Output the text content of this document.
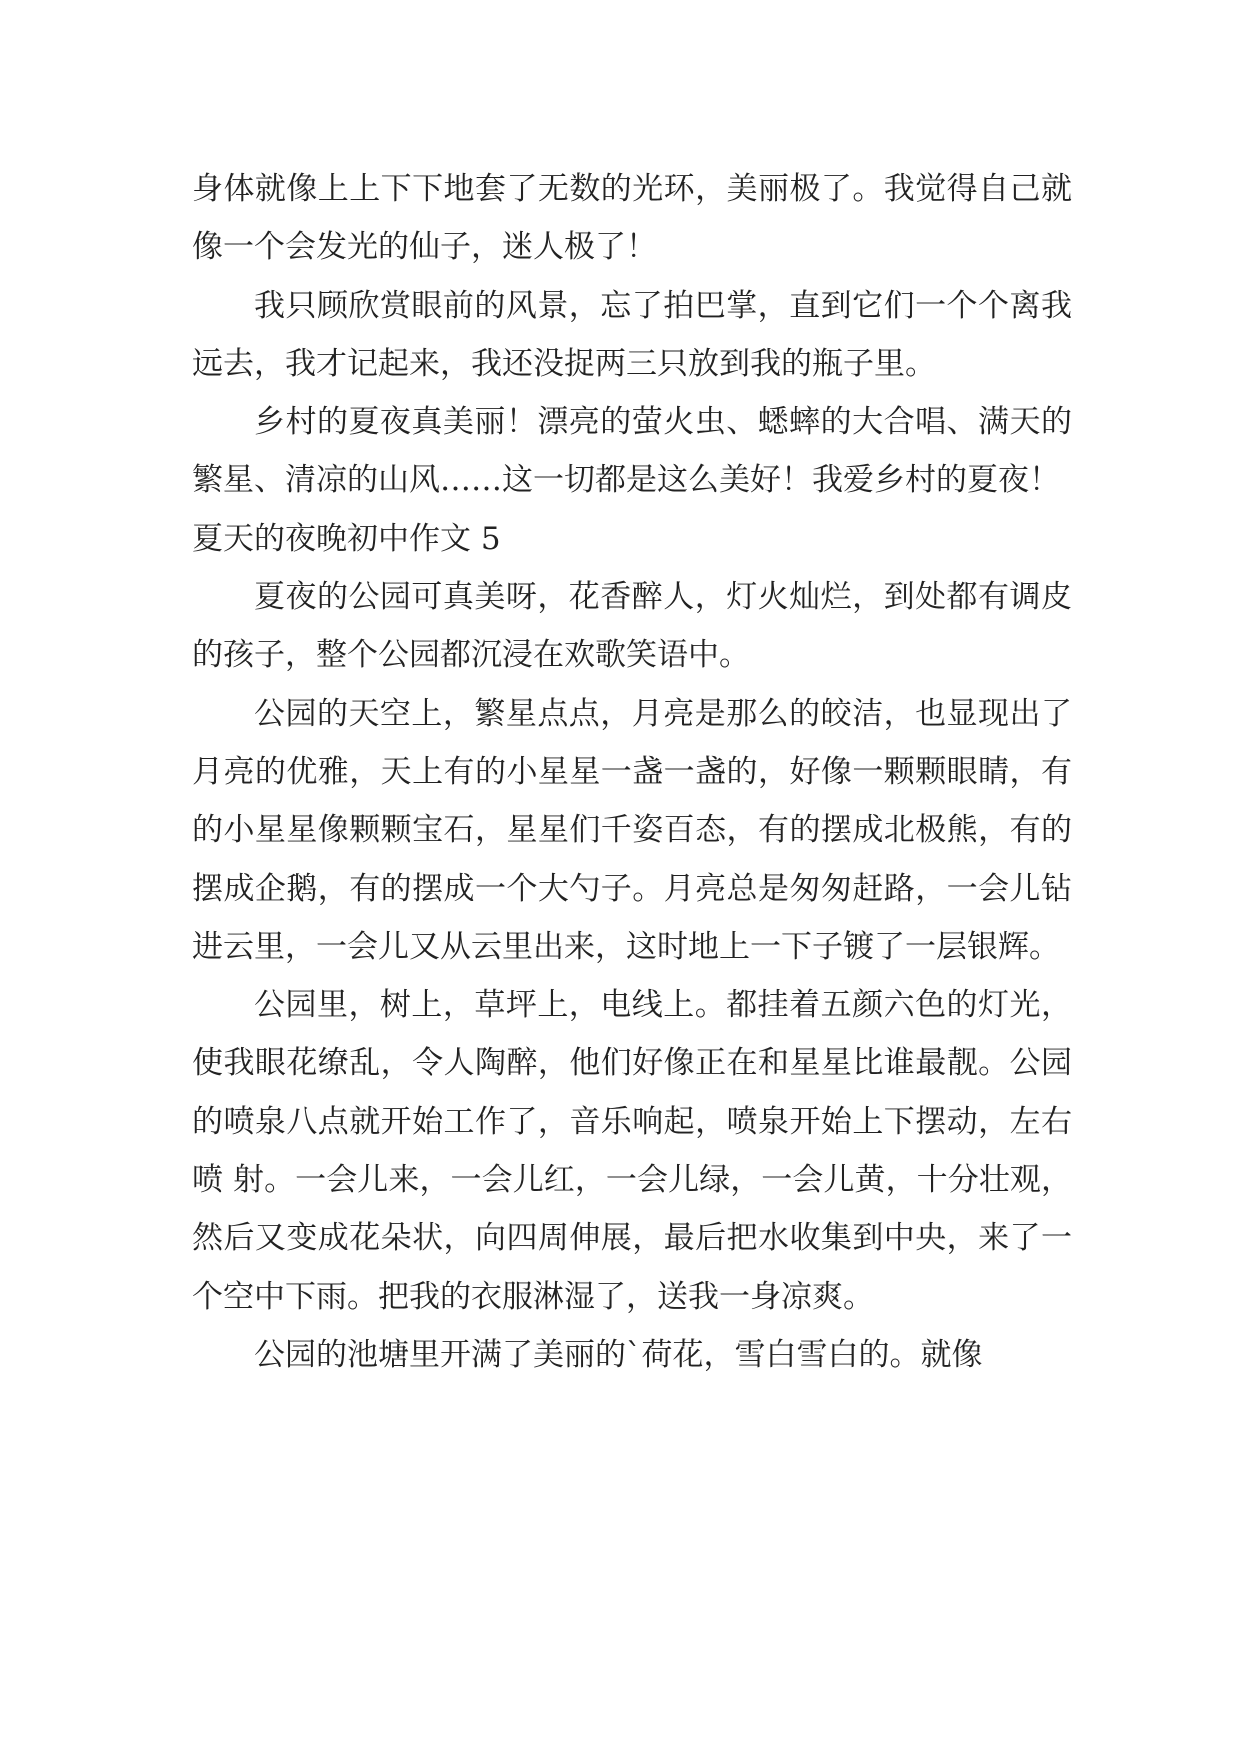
身体就像上上下下地套了无数的光环，美丽极了。我觉得自己就像一个会发光的仙子，迷人极了！

我只顾欣赏眼前的风景，忘了拍巴掌，直到它们一个个离我远去，我才记起来，我还没捉两三只放到我的瓶子里。

乡村的夏夜真美丽！漂亮的萤火虫、蟋蟀的大合唱、满天的繁星、清凉的山风……这一切都是这么美好！我爱乡村的夏夜！

夏天的夜晚初中作文 5

夏夜的公园可真美呀，花香醉人，灯火灿烂，到处都有调皮的孩子，整个公园都沉浸在欢歌笑语中。

公园的天空上，繁星点点，月亮是那么的皎洁，也显现出了月亮的优雅，天上有的小星星一盏一盏的，好像一颗颗眼睛，有的小星星像颗颗宝石，星星们千姿百态，有的摆成北极熊，有的摆成企鹅，有的摆成一个大勺子。月亮总是匆匆赶路，一会儿钻进云里，一会儿又从云里出来，这时地上一下子镀了一层银辉。

公园里，树上，草坪上，电线上。都挂着五颜六色的灯光，使我眼花缭乱，令人陶醉，他们好像正在和星星比谁最靓。公园的喷泉八点就开始工作了，音乐响起，喷泉开始上下摆动，左右喷 射。一会儿来，一会儿红，一会儿绿，一会儿黄，十分壮观，然后又变成花朵状，向四周伸展，最后把水收集到中央，来了一个空中下雨。把我的衣服淋湿了，送我一身凉爽。

公园的池塘里开满了美丽的`荷花，雪白雪白的。就像
